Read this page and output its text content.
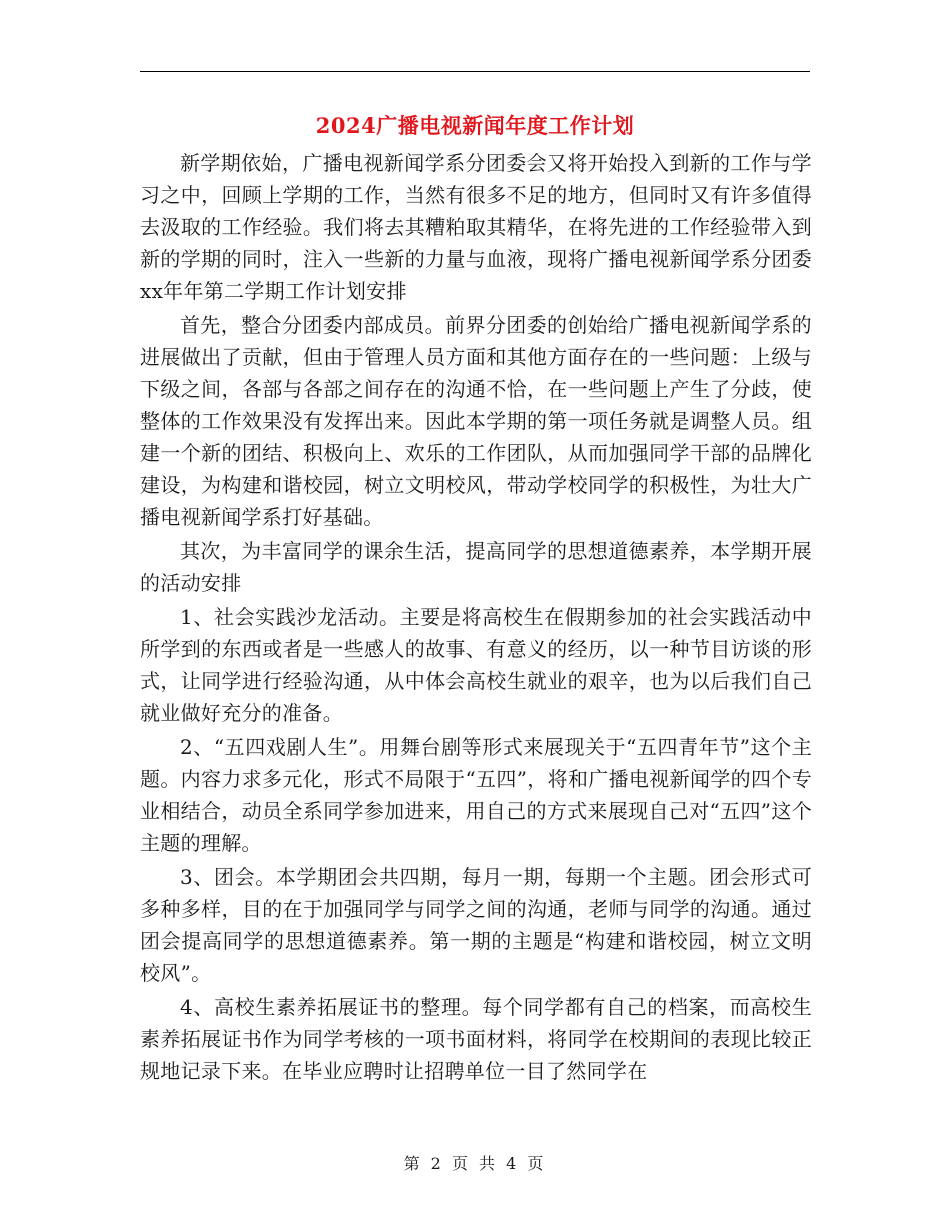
2024广播电视新闻年度工作计划

新学期依始，广播电视新闻学系分团委会又将开始投入到新的工作与学习之中，回顾上学期的工作，当然有很多不足的地方，但同时又有许多值得去汲取的工作经验。我们将去其糟粕取其精华，在将先进的工作经验带入到新的学期的同时，注入一些新的力量与血液，现将广播电视新闻学系分团委xx年年第二学期工作计划安排

首先，整合分团委内部成员。前界分团委的创始给广播电视新闻学系的进展做出了贡献，但由于管理人员方面和其他方面存在的一些问题：上级与下级之间，各部与各部之间存在的沟通不恰，在一些问题上产生了分歧，使整体的工作效果没有发挥出来。因此本学期的第一项任务就是调整人员。组建一个新的团结、积极向上、欢乐的工作团队，从而加强同学干部的品牌化建设，为构建和谐校园，树立文明校风，带动学校同学的积极性，为壮大广播电视新闻学系打好基础。

其次，为丰富同学的课余生活，提高同学的思想道德素养，本学期开展的活动安排

1、社会实践沙龙活动。主要是将高校生在假期参加的社会实践活动中所学到的东西或者是一些感人的故事、有意义的经历，以一种节目访谈的形式，让同学进行经验沟通，从中体会高校生就业的艰辛，也为以后我们自己就业做好充分的准备。

2、“五四戏剧人生”。用舞台剧等形式来展现关于“五四青年节”这个主题。内容力求多元化，形式不局限于“五四”，将和广播电视新闻学的四个专业相结合，动员全系同学参加进来，用自己的方式来展现自己对“五四”这个主题的理解。

3、团会。本学期团会共四期，每月一期，每期一个主题。团会形式可多种多样，目的在于加强同学与同学之间的沟通，老师与同学的沟通。通过团会提高同学的思想道德素养。第一期的主题是“构建和谐校园，树立文明校风”。

4、高校生素养拓展证书的整理。每个同学都有自己的档案，而高校生素养拓展证书作为同学考核的一项书面材料，将同学在校期间的表现比较正规地记录下来。在毕业应聘时让招聘单位一目了然同学在

第 2 页 共 4 页
